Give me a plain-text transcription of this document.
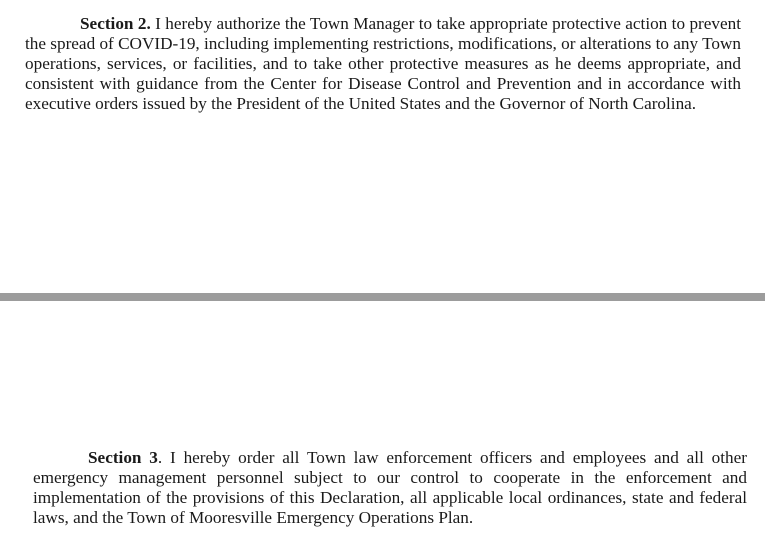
Section 2. I hereby authorize the Town Manager to take appropriate protective action to prevent the spread of COVID-19, including implementing restrictions, modifications, or alterations to any Town operations, services, or facilities, and to take other protective measures as he deems appropriate, and consistent with guidance from the Center for Disease Control and Prevention and in accordance with executive orders issued by the President of the United States and the Governor of North Carolina.

Section 3. I hereby order all Town law enforcement officers and employees and all other emergency management personnel subject to our control to cooperate in the enforcement and implementation of the provisions of this Declaration, all applicable local ordinances, state and federal laws, and the Town of Mooresville Emergency Operations Plan.
